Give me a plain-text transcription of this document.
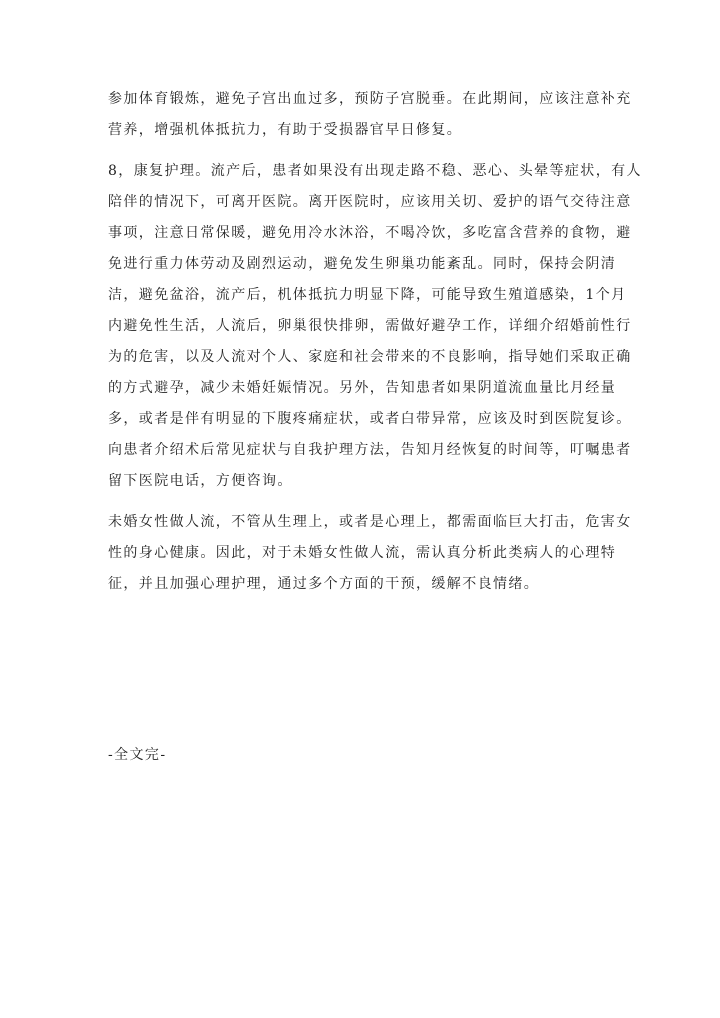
参加体育锻炼，避免子宫出血过多，预防子宫脱垂。在此期间，应该注意补充
营养，增强机体抵抗力，有助于受损器官早日修复。
8，康复护理。流产后，患者如果没有出现走路不稳、恶心、头晕等症状，有人
陪伴的情况下，可离开医院。离开医院时，应该用关切、爱护的语气交待注意
事项，注意日常保暖，避免用冷水沐浴，不喝冷饮，多吃富含营养的食物，避
免进行重力体劳动及剧烈运动，避免发生卵巢功能紊乱。同时，保持会阴清
洁，避免盆浴，流产后，机体抵抗力明显下降，可能导致生殖道感染，1个月
内避免性生活，人流后，卵巢很快排卵，需做好避孕工作，详细介绍婚前性行
为的危害，以及人流对个人、家庭和社会带来的不良影响，指导她们采取正确
的方式避孕，减少未婚妊娠情况。另外，告知患者如果阴道流血量比月经量
多，或者是伴有明显的下腹疼痛症状，或者白带异常，应该及时到医院复诊。
向患者介绍术后常见症状与自我护理方法，告知月经恢复的时间等，叮嘱患者
留下医院电话，方便咨询。
未婚女性做人流，不管从生理上，或者是心理上，都需面临巨大打击，危害女
性的身心健康。因此，对于未婚女性做人流，需认真分析此类病人的心理特
征，并且加强心理护理，通过多个方面的干预，缓解不良情绪。
-全文完-
